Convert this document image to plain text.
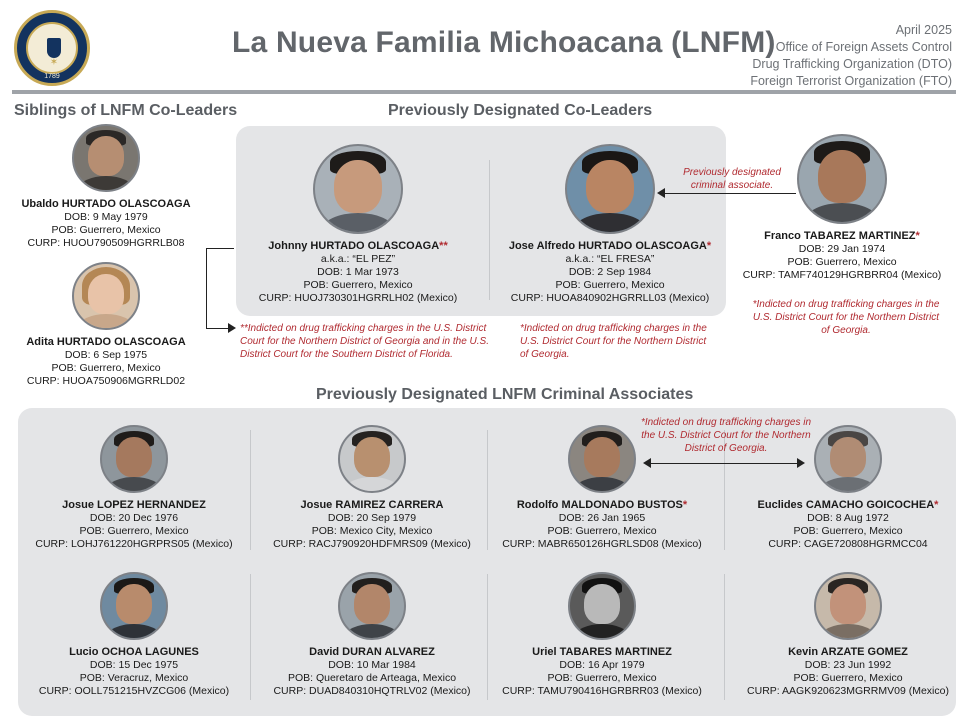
✶
1789
La Nueva Familia Michoacana (LNFM)	April 2025
Office of Foreign Assets Control
Drug Trafficking Organization (DTO)
Foreign Terrorist Organization (FTO)
Siblings of LNFM Co-Leaders
Ubaldo HURTADO OLASCOAGA
DOB: 9 May 1979
POB: Guerrero, Mexico
CURP: HUOU790509HGRRLB08
Adita HURTADO OLASCOAGA
DOB: 6 Sep 1975
POB: Guerrero, Mexico
CURP: HUOA750906MGRRLD02
Previously Designated Co-Leaders
Johnny HURTADO OLASCOAGA**
a.k.a.: “EL PEZ”
DOB: 1 Mar 1973
POB: Guerrero, Mexico
CURP: HUOJ730301HGRRLH02 (Mexico)
Jose Alfredo HURTADO OLASCOAGA*
a.k.a.: “EL FRESA”
DOB: 2 Sep 1984
POB: Guerrero, Mexico
CURP: HUOA840902HGRRLL03 (Mexico)
Previously designated criminal associate.
Franco TABAREZ MARTINEZ*
DOB: 29 Jan 1974
POB: Guerrero, Mexico
CURP: TAMF740129HGRBRR04 (Mexico)
**Indicted on drug trafficking charges in the U.S. District Court for the Northern District of Georgia and in the U.S. District Court for the Southern District of Florida.
*Indicted on drug trafficking charges in the U.S. District Court for the Northern District of Georgia.
*Indicted on drug trafficking charges in the U.S. District Court for the Northern District of Georgia.
Previously Designated LNFM Criminal Associates
Josue LOPEZ HERNANDEZ
DOB: 20 Dec 1976
POB: Guerrero, Mexico
CURP: LOHJ761220HGRPRS05 (Mexico)
Josue RAMIREZ CARRERA
DOB: 20 Sep 1979
POB: Mexico City, Mexico
CURP: RACJ790920HDFMRS09 (Mexico)
Rodolfo MALDONADO BUSTOS*
DOB: 26 Jan 1965
POB: Guerrero, Mexico
CURP: MABR650126HGRLSD08 (Mexico)
Euclides CAMACHO GOICOCHEA*
DOB: 8 Aug 1972
POB: Guerrero, Mexico
CURP: CAGE720808HGRMCC04
*Indicted on drug trafficking charges in the U.S. District Court for the Northern District of Georgia.
Lucio OCHOA LAGUNES
DOB: 15 Dec 1975
POB: Veracruz, Mexico
CURP: OOLL751215HVZCG06 (Mexico)
David DURAN ALVAREZ
DOB: 10 Mar 1984
POB: Queretaro de Arteaga, Mexico
CURP: DUAD840310HQTRLV02 (Mexico)
Uriel TABARES MARTINEZ
DOB: 16 Apr 1979
POB: Guerrero, Mexico
CURP: TAMU790416HGRBRR03 (Mexico)
Kevin ARZATE GOMEZ
DOB: 23 Jun 1992
POB: Guerrero, Mexico
CURP: AAGK920623MGRRMV09 (Mexico)
